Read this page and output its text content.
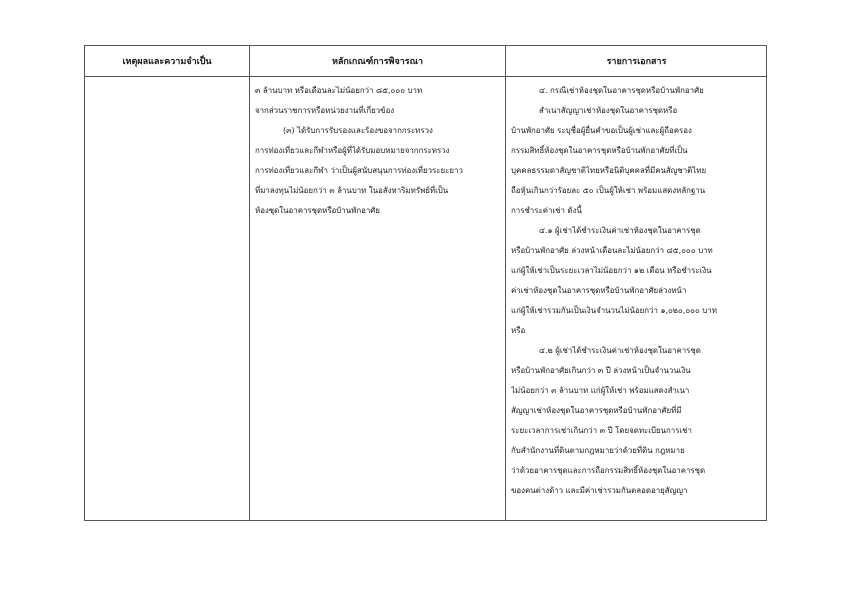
เหตุผลและความจำเป็น	หลักเกณฑ์การพิจารณา	รายการเอกสาร
๓ ล้านบาท หรือเดือนละไม่น้อยกว่า ๘๕,๐๐๐ บาท
จากส่วนราชการหรือหน่วยงานที่เกี่ยวข้อง
(๓) ได้รับการรับรองและร้องขอจากกระทรวง
การท่องเที่ยวและกีฬาหรือผู้ที่ได้รับมอบหมายจากกระทรวง
การท่องเที่ยวและกีฬา ว่าเป็นผู้สนับสนุนการท่องเที่ยวระยะยาว
ที่มาลงทุนไม่น้อยกว่า ๓ ล้านบาท ในอสังหาริมทรัพย์ที่เป็น
ห้องชุดในอาคารชุดหรือบ้านพักอาศัย
๔. กรณีเช่าห้องชุดในอาคารชุดหรือบ้านพักอาศัย
สำเนาสัญญาเช่าห้องชุดในอาคารชุดหรือ
บ้านพักอาศัย ระบุชื่อผู้ยื่นคำขอเป็นผู้เช่าและผู้ถือครอง
กรรมสิทธิ์ห้องชุดในอาคารชุดหรือบ้านพักอาศัยที่เป็น
บุคคลธรรมดาสัญชาติไทยหรือนิติบุคคลที่มีคนสัญชาติไทย
ถือหุ้นเกินกว่าร้อยละ ๕๐ เป็นผู้ให้เช่า พร้อมแสดงหลักฐาน
การชำระค่าเช่า ดังนี้
๔.๑ ผู้เช่าได้ชำระเงินค่าเช่าห้องชุดในอาคารชุด
หรือบ้านพักอาศัย ล่วงหน้าเดือนละไม่น้อยกว่า ๘๕,๐๐๐ บาท
แก่ผู้ให้เช่าเป็นระยะเวลาไม่น้อยกว่า ๑๒ เดือน หรือชำระเงิน
ค่าเช่าห้องชุดในอาคารชุดหรือบ้านพักอาศัยล่วงหน้า
แก่ผู้ให้เช่ารวมกันเป็นเงินจำนวนไม่น้อยกว่า ๑,๐๒๐,๐๐๐ บาท
หรือ
๔.๒ ผู้เช่าได้ชำระเงินค่าเช่าห้องชุดในอาคารชุด
หรือบ้านพักอาศัยเกินกว่า ๓ ปี ล่วงหน้าเป็นจำนวนเงิน
ไม่น้อยกว่า ๓ ล้านบาท แก่ผู้ให้เช่า พร้อมแสดงสำเนา
สัญญาเช่าห้องชุดในอาคารชุดหรือบ้านพักอาศัยที่มี
ระยะเวลาการเช่าเกินกว่า ๓ ปี โดยจดทะเบียนการเช่า
กับสำนักงานที่ดินตามกฎหมายว่าด้วยที่ดิน กฎหมาย
ว่าด้วยอาคารชุดและการถือกรรมสิทธิ์ห้องชุดในอาคารชุด
ของคนต่างด้าว และมีค่าเช่ารวมกันตลอดอายุสัญญา
